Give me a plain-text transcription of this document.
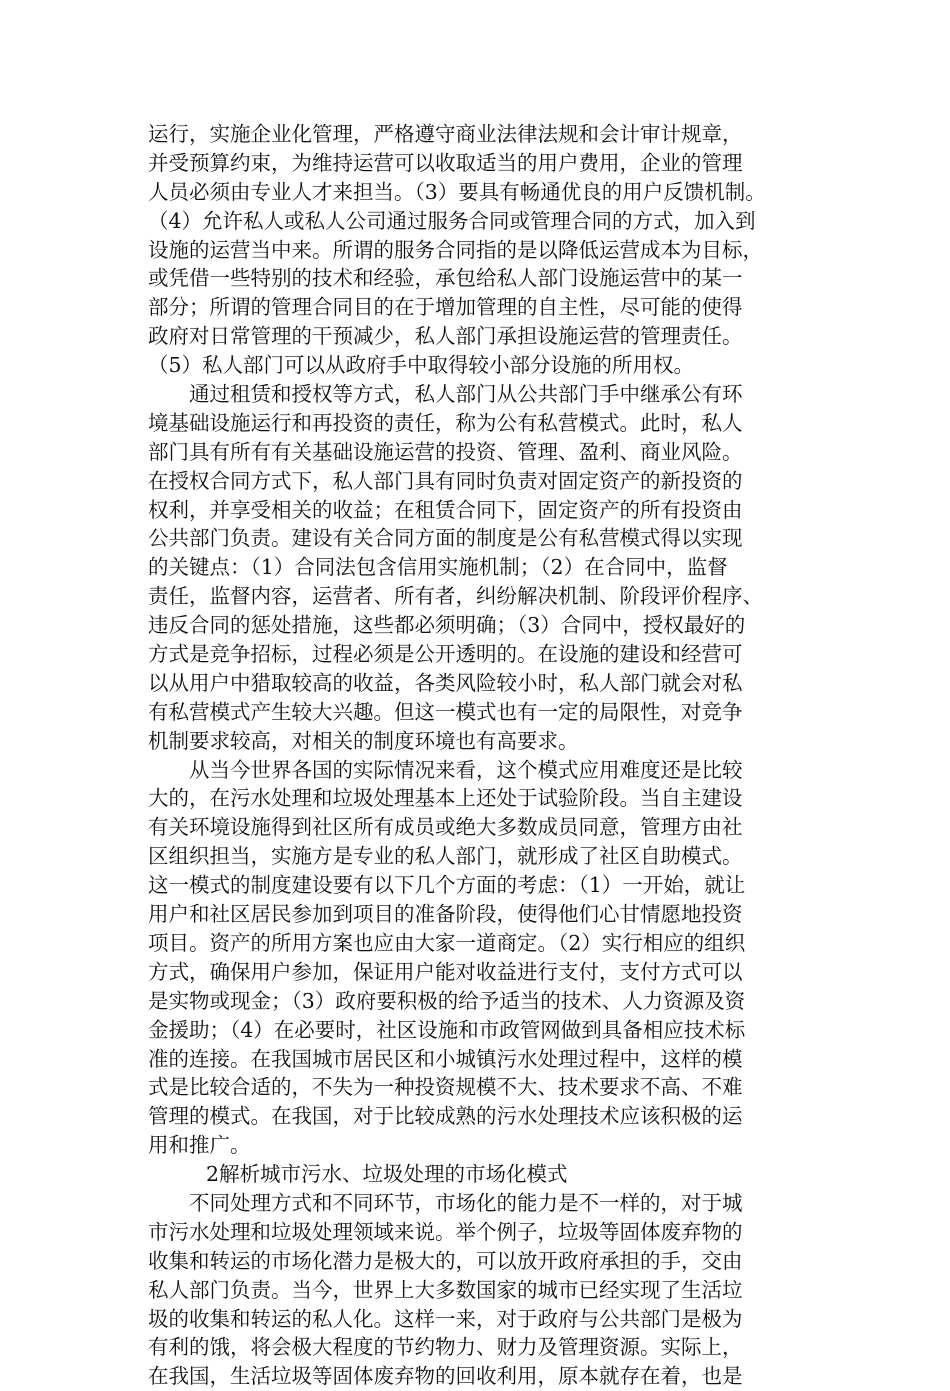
运行，实施企业化管理，严格遵守商业法律法规和会计审计规章，
并受预算约束，为维持运营可以收取适当的用户费用，企业的管理
人员必须由专业人才来担当。（3）要具有畅通优良的用户反馈机制。
（4）允许私人或私人公司通过服务合同或管理合同的方式，加入到
设施的运营当中来。所谓的服务合同指的是以降低运营成本为目标，
或凭借一些特别的技术和经验，承包给私人部门设施运营中的某一
部分；所谓的管理合同目的在于增加管理的自主性，尽可能的使得
政府对日常管理的干预减少，私人部门承担设施运营的管理责任。
（5）私人部门可以从政府手中取得较小部分设施的所用权。
通过租赁和授权等方式，私人部门从公共部门手中继承公有环
境基础设施运行和再投资的责任，称为公有私营模式。此时，私人
部门具有所有有关基础设施运营的投资、管理、盈利、商业风险。
在授权合同方式下，私人部门具有同时负责对固定资产的新投资的
权利，并享受相关的收益；在租赁合同下，固定资产的所有投资由
公共部门负责。建设有关合同方面的制度是公有私营模式得以实现
的关键点：（1）合同法包含信用实施机制；（2）在合同中，监督
责任，监督内容，运营者、所有者，纠纷解决机制、阶段评价程序、
违反合同的惩处措施，这些都必须明确；（3）合同中，授权最好的
方式是竞争招标，过程必须是公开透明的。在设施的建设和经营可
以从用户中猎取较高的收益，各类风险较小时，私人部门就会对私
有私营模式产生较大兴趣。但这一模式也有一定的局限性，对竞争
机制要求较高，对相关的制度环境也有高要求。
从当今世界各国的实际情况来看，这个模式应用难度还是比较
大的，在污水处理和垃圾处理基本上还处于试验阶段。当自主建设
有关环境设施得到社区所有成员或绝大多数成员同意，管理方由社
区组织担当，实施方是专业的私人部门，就形成了社区自助模式。
这一模式的制度建设要有以下几个方面的考虑：（1）一开始，就让
用户和社区居民参加到项目的准备阶段，使得他们心甘情愿地投资
项目。资产的所用方案也应由大家一道商定。（2）实行相应的组织
方式，确保用户参加，保证用户能对收益进行支付，支付方式可以
是实物或现金；（3）政府要积极的给予适当的技术、人力资源及资
金援助；（4）在必要时，社区设施和市政管网做到具备相应技术标
准的连接。在我国城市居民区和小城镇污水处理过程中，这样的模
式是比较合适的，不失为一种投资规模不大、技术要求不高、不难
管理的模式。在我国，对于比较成熟的污水处理技术应该积极的运
用和推广。
2解析城市污水、垃圾处理的市场化模式
不同处理方式和不同环节，市场化的能力是不一样的，对于城
市污水处理和垃圾处理领域来说。举个例子，垃圾等固体废弃物的
收集和转运的市场化潜力是极大的，可以放开政府承担的手，交由
私人部门负责。当今，世界上大多数国家的城市已经实现了生活垃
圾的收集和转运的私人化。这样一来，对于政府与公共部门是极为
有利的饿，将会极大程度的节约物力、财力及管理资源。实际上，
在我国，生活垃圾等固体废弃物的回收利用，原本就存在着，也是
